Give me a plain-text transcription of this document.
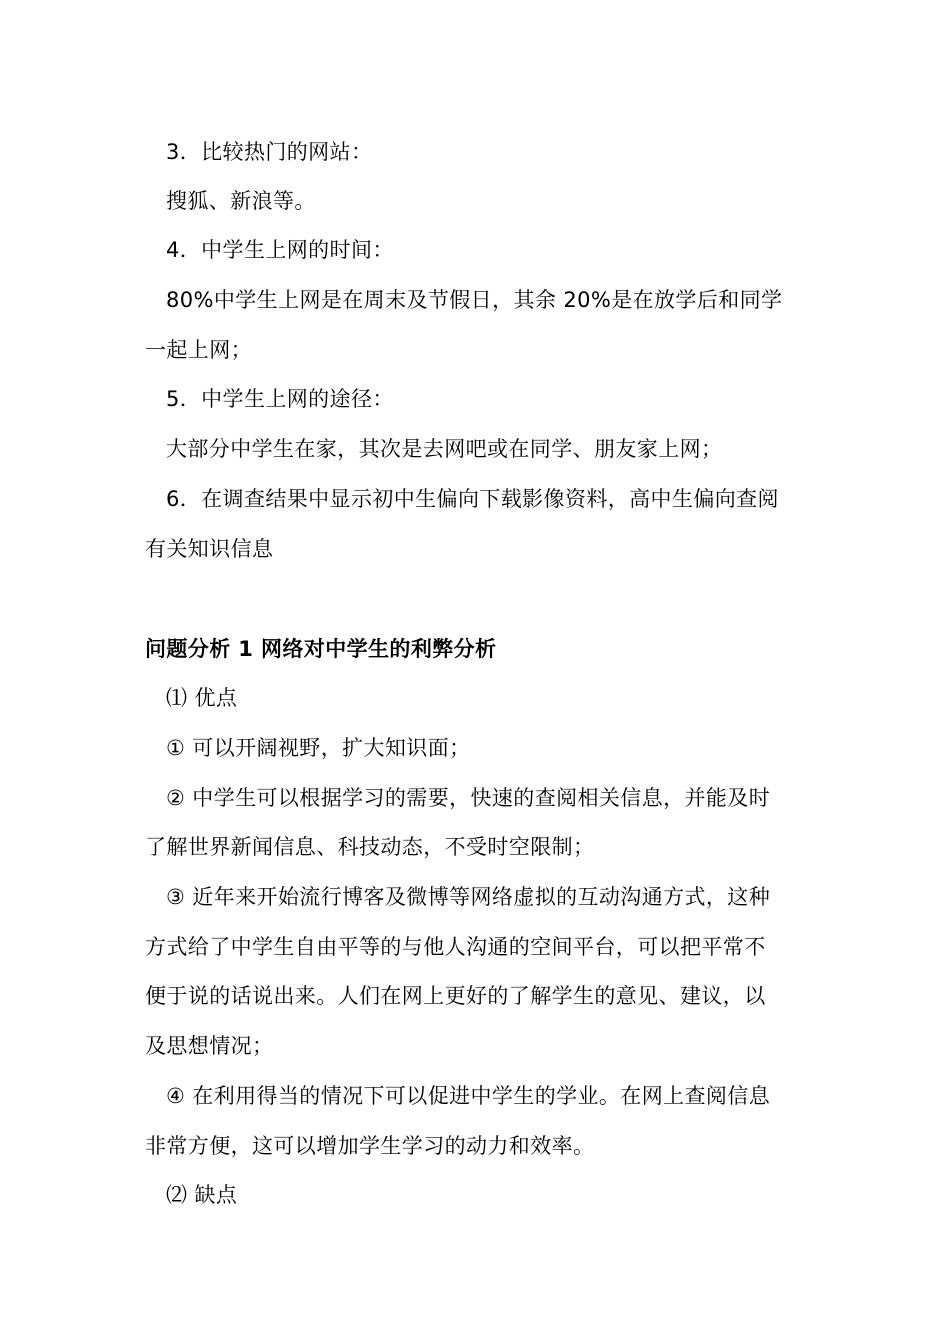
3．比较热门的网站：
搜狐、新浪等。
4．中学生上网的时间：
80%中学生上网是在周末及节假日，其余 20%是在放学后和同学
一起上网；
5．中学生上网的途径：
大部分中学生在家，其次是去网吧或在同学、朋友家上网；
6．在调查结果中显示初中生偏向下载影像资料，高中生偏向查阅
有关知识信息
问题分析 1 网络对中学生的利弊分析
⑴ 优点
① 可以开阔视野，扩大知识面；
② 中学生可以根据学习的需要，快速的查阅相关信息，并能及时
了解世界新闻信息、科技动态，不受时空限制；
③ 近年来开始流行博客及微博等网络虚拟的互动沟通方式，这种
方式给了中学生自由平等的与他人沟通的空间平台，可以把平常不
便于说的话说出来。人们在网上更好的了解学生的意见、建议，以
及思想情况；
④ 在利用得当的情况下可以促进中学生的学业。在网上查阅信息
非常方便，这可以增加学生学习的动力和效率。
⑵ 缺点
